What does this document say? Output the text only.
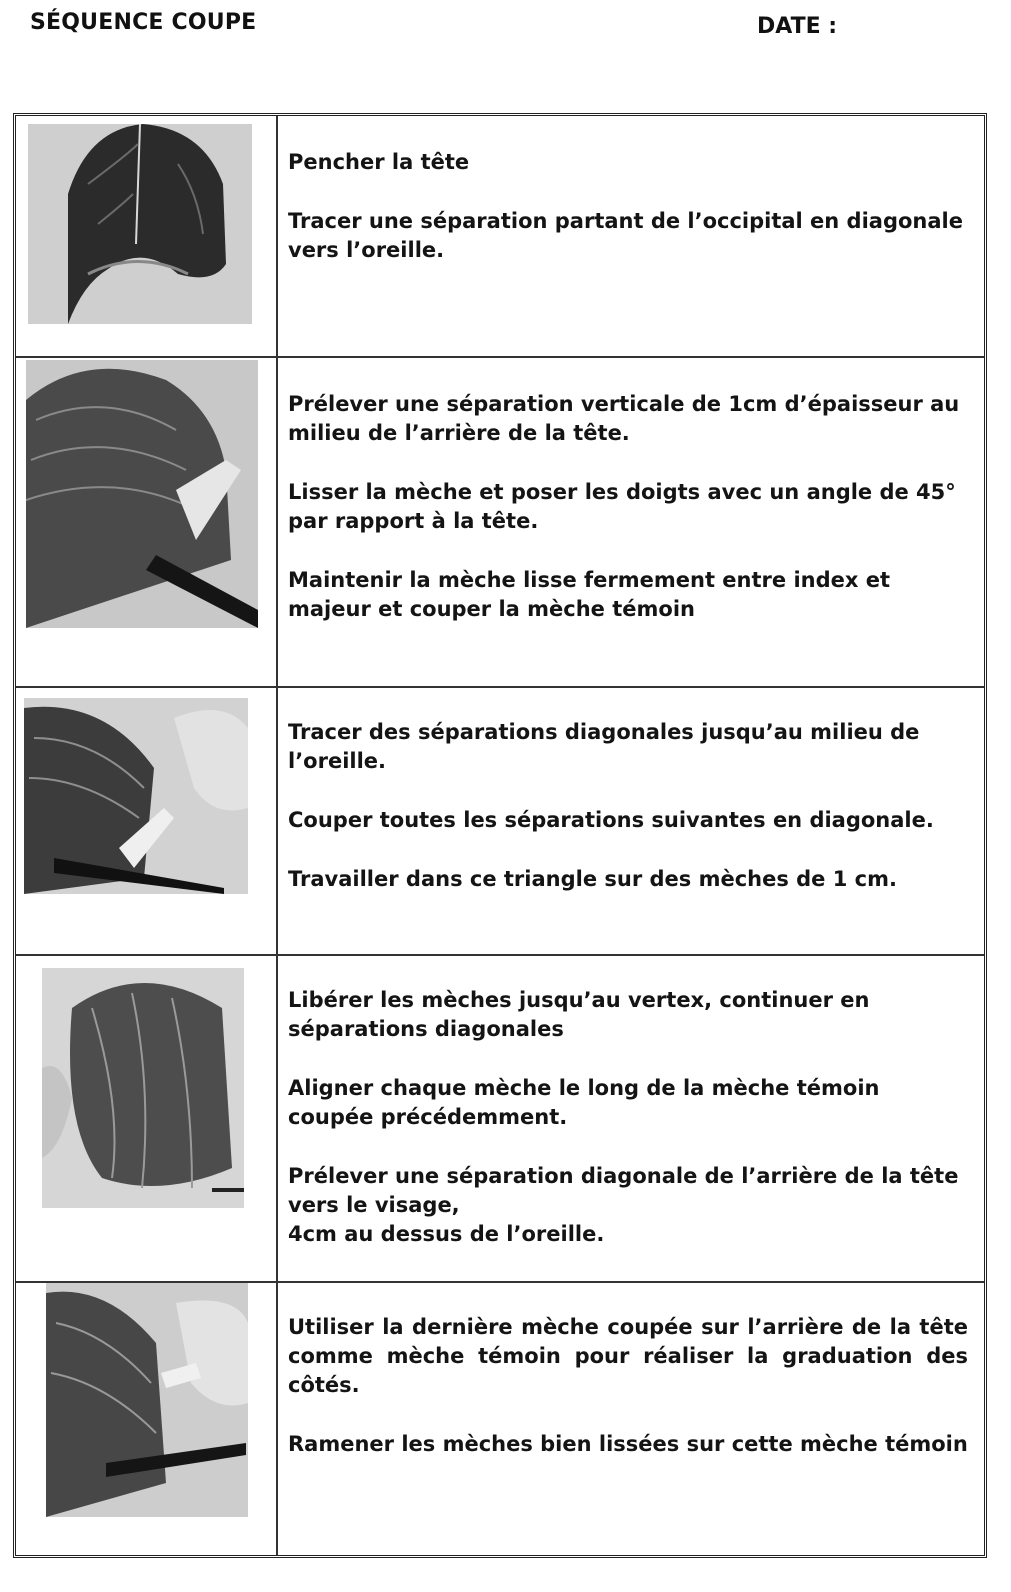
SÉQUENCE COUPE	DATE :

Pencher la tête

Tracer une séparation partant de l’occipital en diagonale vers l’oreille.

Prélever une séparation verticale de 1cm d’épaisseur au milieu de l’arrière de la tête.

Lisser la mèche et poser les doigts avec un angle de 45° par rapport à la tête.

Maintenir la mèche lisse fermement entre index et majeur et couper la mèche témoin

Tracer des séparations diagonales jusqu’au milieu de l’oreille.

Couper toutes les séparations suivantes en diagonale.

Travailler dans ce triangle sur des mèches de 1 cm.

Libérer les mèches jusqu’au vertex, continuer en séparations diagonales

Aligner chaque mèche le long de la mèche témoin coupée précédemment.

Prélever une séparation diagonale de l’arrière de la tête vers le visage,
4cm au dessus de l’oreille.

Utiliser la dernière mèche coupée sur l’arrière de la tête comme mèche témoin pour réaliser la graduation des côtés.

Ramener les mèches bien lissées sur cette mèche témoin
